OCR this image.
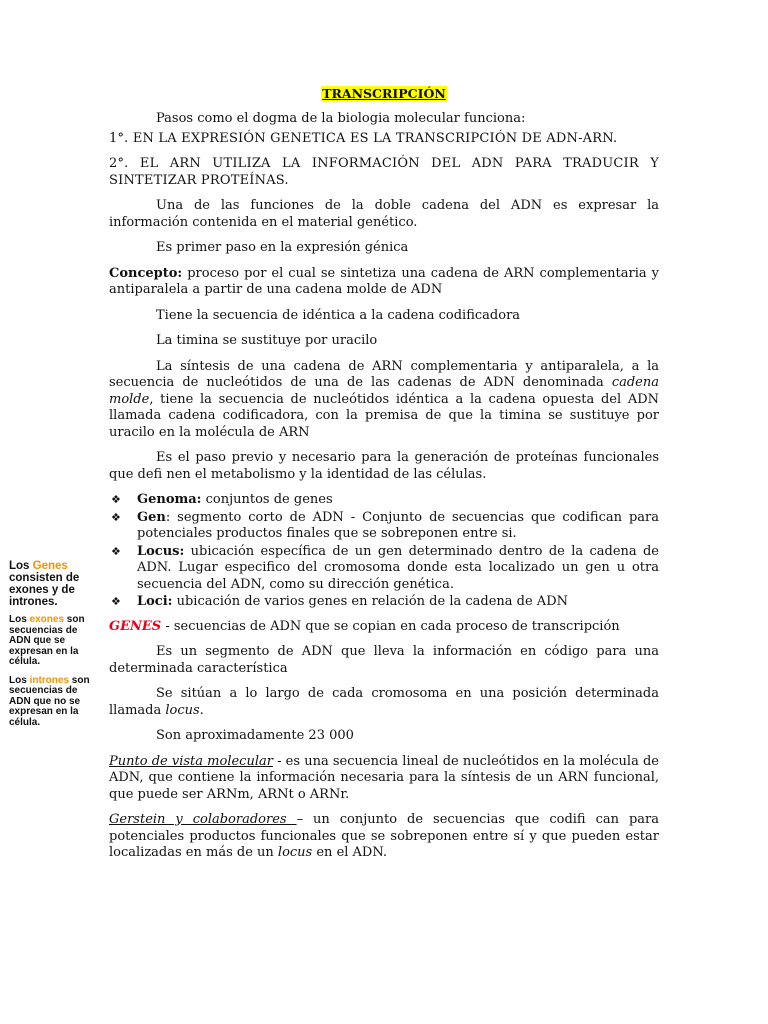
TRANSCRIPCIÓN

Pasos como el dogma de la biologia molecular funciona:

1°. EN LA EXPRESIÓN GENETICA ES LA TRANSCRIPCIÓN DE ADN-ARN.

2°. EL ARN UTILIZA LA INFORMACIÓN DEL ADN PARA TRADUCIR Y SINTETIZAR PROTEÍNAS.

Una de las funciones de la doble cadena del ADN es expresar la información contenida en el material genético.

Es primer paso en la expresión génica

Concepto: proceso por el cual se sintetiza una cadena de ARN complementaria y antiparalela a partir de una cadena molde de ADN

Tiene la secuencia de idéntica a la cadena codificadora

La timina se sustituye por uracilo

La síntesis de una cadena de ARN complementaria y antiparalela, a la secuencia de nucleótidos de una de las cadenas de ADN denominada cadena molde, tiene la secuencia de nucleótidos idéntica a la cadena opuesta del ADN llamada cadena codificadora, con la premisa de que la timina se sustituye por uracilo en la molécula de ARN

Es el paso previo y necesario para la generación de proteínas funcionales que defi nen el metabolismo y la identidad de las células.

❖ Genoma: conjuntos de genes
❖ Gen: segmento corto de ADN - Conjunto de secuencias que codifican para potenciales productos finales que se sobreponen entre si.
❖ Locus: ubicación específica de un gen determinado dentro de la cadena de ADN. Lugar especifico del cromosoma donde esta localizado un gen u otra secuencia del ADN, como su dirección genética.
❖ Loci: ubicación de varios genes en relación de la cadena de ADN

GENES - secuencias de ADN que se copian en cada proceso de transcripción

Es un segmento de ADN que lleva la información en código para una determinada característica

Se sitúan a lo largo de cada cromosoma en una posición determinada llamada locus.

Son aproximadamente 23 000

Punto de vista molecular - es una secuencia lineal de nucleótidos en la molécula de ADN, que contiene la información necesaria para la síntesis de un ARN funcional, que puede ser ARNm, ARNt o ARNr.

Gerstein y colaboradores – un conjunto de secuencias que codifi can para potenciales productos funcionales que se sobreponen entre sí y que pueden estar localizadas en más de un locus en el ADN.

Los Genes consisten de exones y de intrones.

Los exones son secuencias de ADN que se expresan en la célula.

Los intrones son secuencias de ADN que no se expresan en la célula.
